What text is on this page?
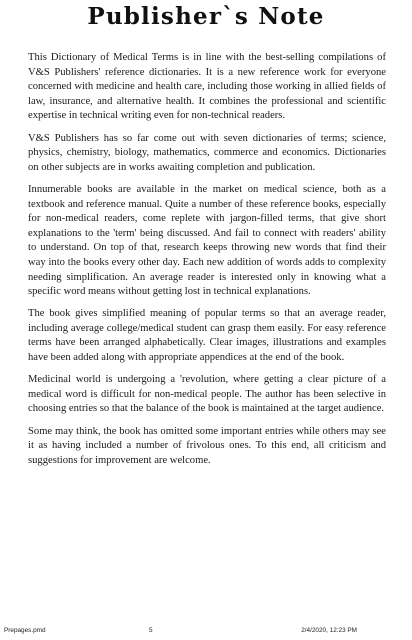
Publisher`s Note

This Dictionary of Medical Terms is in line with the best-selling compilations of V&S Publishers' reference dictionaries. It is a new reference work for everyone concerned with medicine and health care, including those working in allied fields of law, insurance, and alternative health. It combines the professional and scientific expertise in technical writing even for non-technical readers.

V&S Publishers has so far come out with seven dictionaries of terms; science, physics, chemistry, biology, mathematics, commerce and economics. Dictionaries on other subjects are in works awaiting completion and publication.

Innumerable books are available in the market on medical science, both as a textbook and reference manual. Quite a number of these reference books, especially for non-medical readers, come replete with jargon-filled terms, that give short explanations to the 'term' being discussed. And fail to connect with readers' ability to understand. On top of that, research keeps throwing new words that find their way into the books every other day. Each new addition of words adds to complexity needing simplification. An average reader is interested only in knowing what a specific word means without getting lost in technical explanations.

The book gives simplified meaning of popular terms so that an average reader, including average college/medical student can grasp them easily. For easy reference terms have been arranged alphabetically. Clear images, illustrations and examples have been added along with appropriate appendices at the end of the book.

Medicinal world is undergoing a 'revolution, where getting a clear picture of a medical word is difficult for non-medical people. The author has been selective in choosing entries so that the balance of the book is maintained at the target audience.

Some may think, the book has omitted some important entries while others may see it as having included a number of frivolous ones. To this end, all criticism and suggestions for improvement are welcome.

Prepages.pmd	5	2/4/2020, 12:23 PM
